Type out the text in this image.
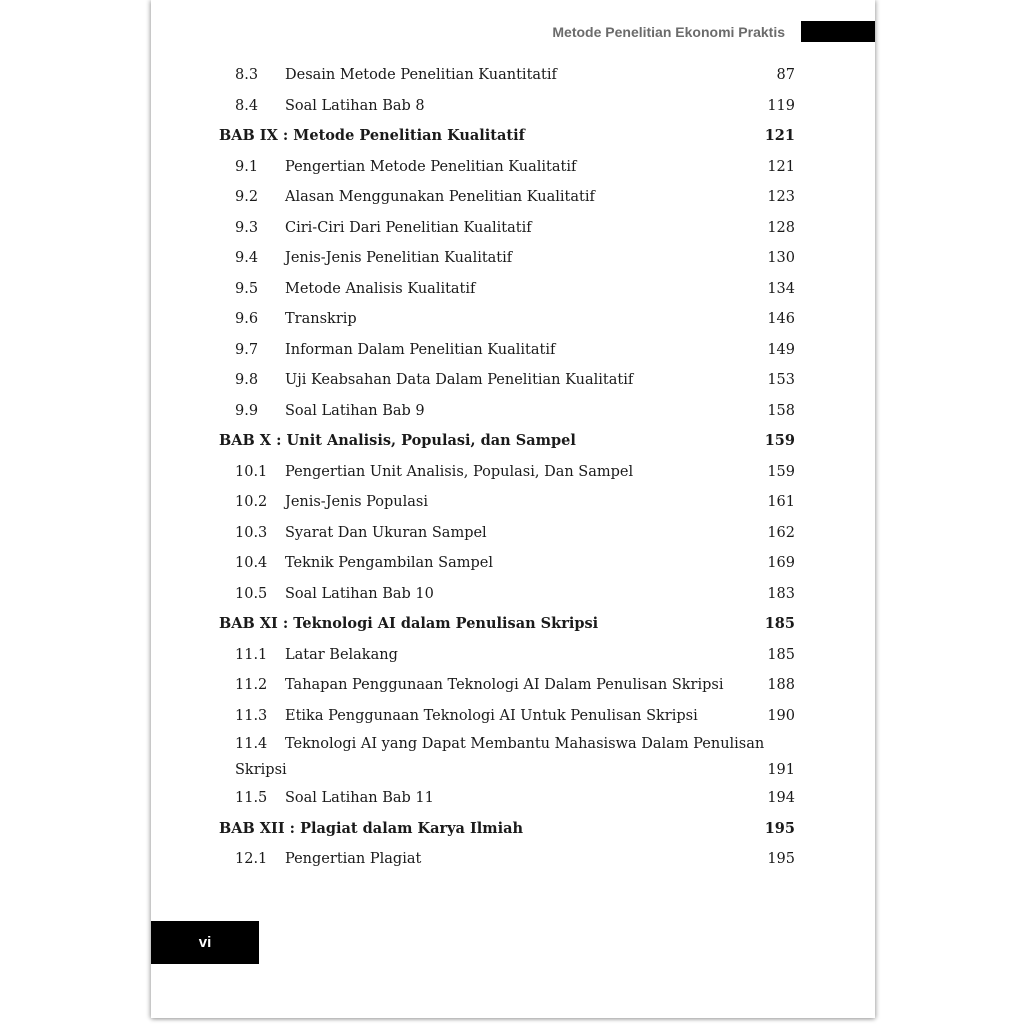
Metode Penelitian Ekonomi Praktis
8.3	Desain Metode Penelitian Kuantitatif	87
8.4	Soal Latihan Bab 8	119
BAB IX : Metode Penelitian Kualitatif	121
9.1	Pengertian Metode Penelitian Kualitatif	121
9.2	Alasan Menggunakan Penelitian Kualitatif	123
9.3	Ciri-Ciri Dari Penelitian Kualitatif	128
9.4	Jenis-Jenis Penelitian Kualitatif	130
9.5	Metode Analisis Kualitatif	134
9.6	Transkrip	146
9.7	Informan Dalam Penelitian Kualitatif	149
9.8	Uji Keabsahan Data Dalam Penelitian Kualitatif	153
9.9	Soal Latihan Bab 9	158
BAB X : Unit Analisis, Populasi, dan Sampel	159
10.1	Pengertian Unit Analisis, Populasi, Dan Sampel	159
10.2	Jenis-Jenis Populasi	161
10.3	Syarat Dan Ukuran Sampel	162
10.4	Teknik Pengambilan Sampel	169
10.5	Soal Latihan Bab 10	183
BAB XI : Teknologi AI dalam Penulisan Skripsi	185
11.1	Latar Belakang	185
11.2	Tahapan Penggunaan Teknologi AI Dalam Penulisan Skripsi	188
11.3	Etika Penggunaan Teknologi AI Untuk Penulisan Skripsi	190
11.4 Teknologi AI yang Dapat Membantu Mahasiswa Dalam Penulisan
Skripsi	191
11.5	Soal Latihan Bab 11	194
BAB XII : Plagiat dalam Karya Ilmiah	195
12.1	Pengertian Plagiat	195
vi
